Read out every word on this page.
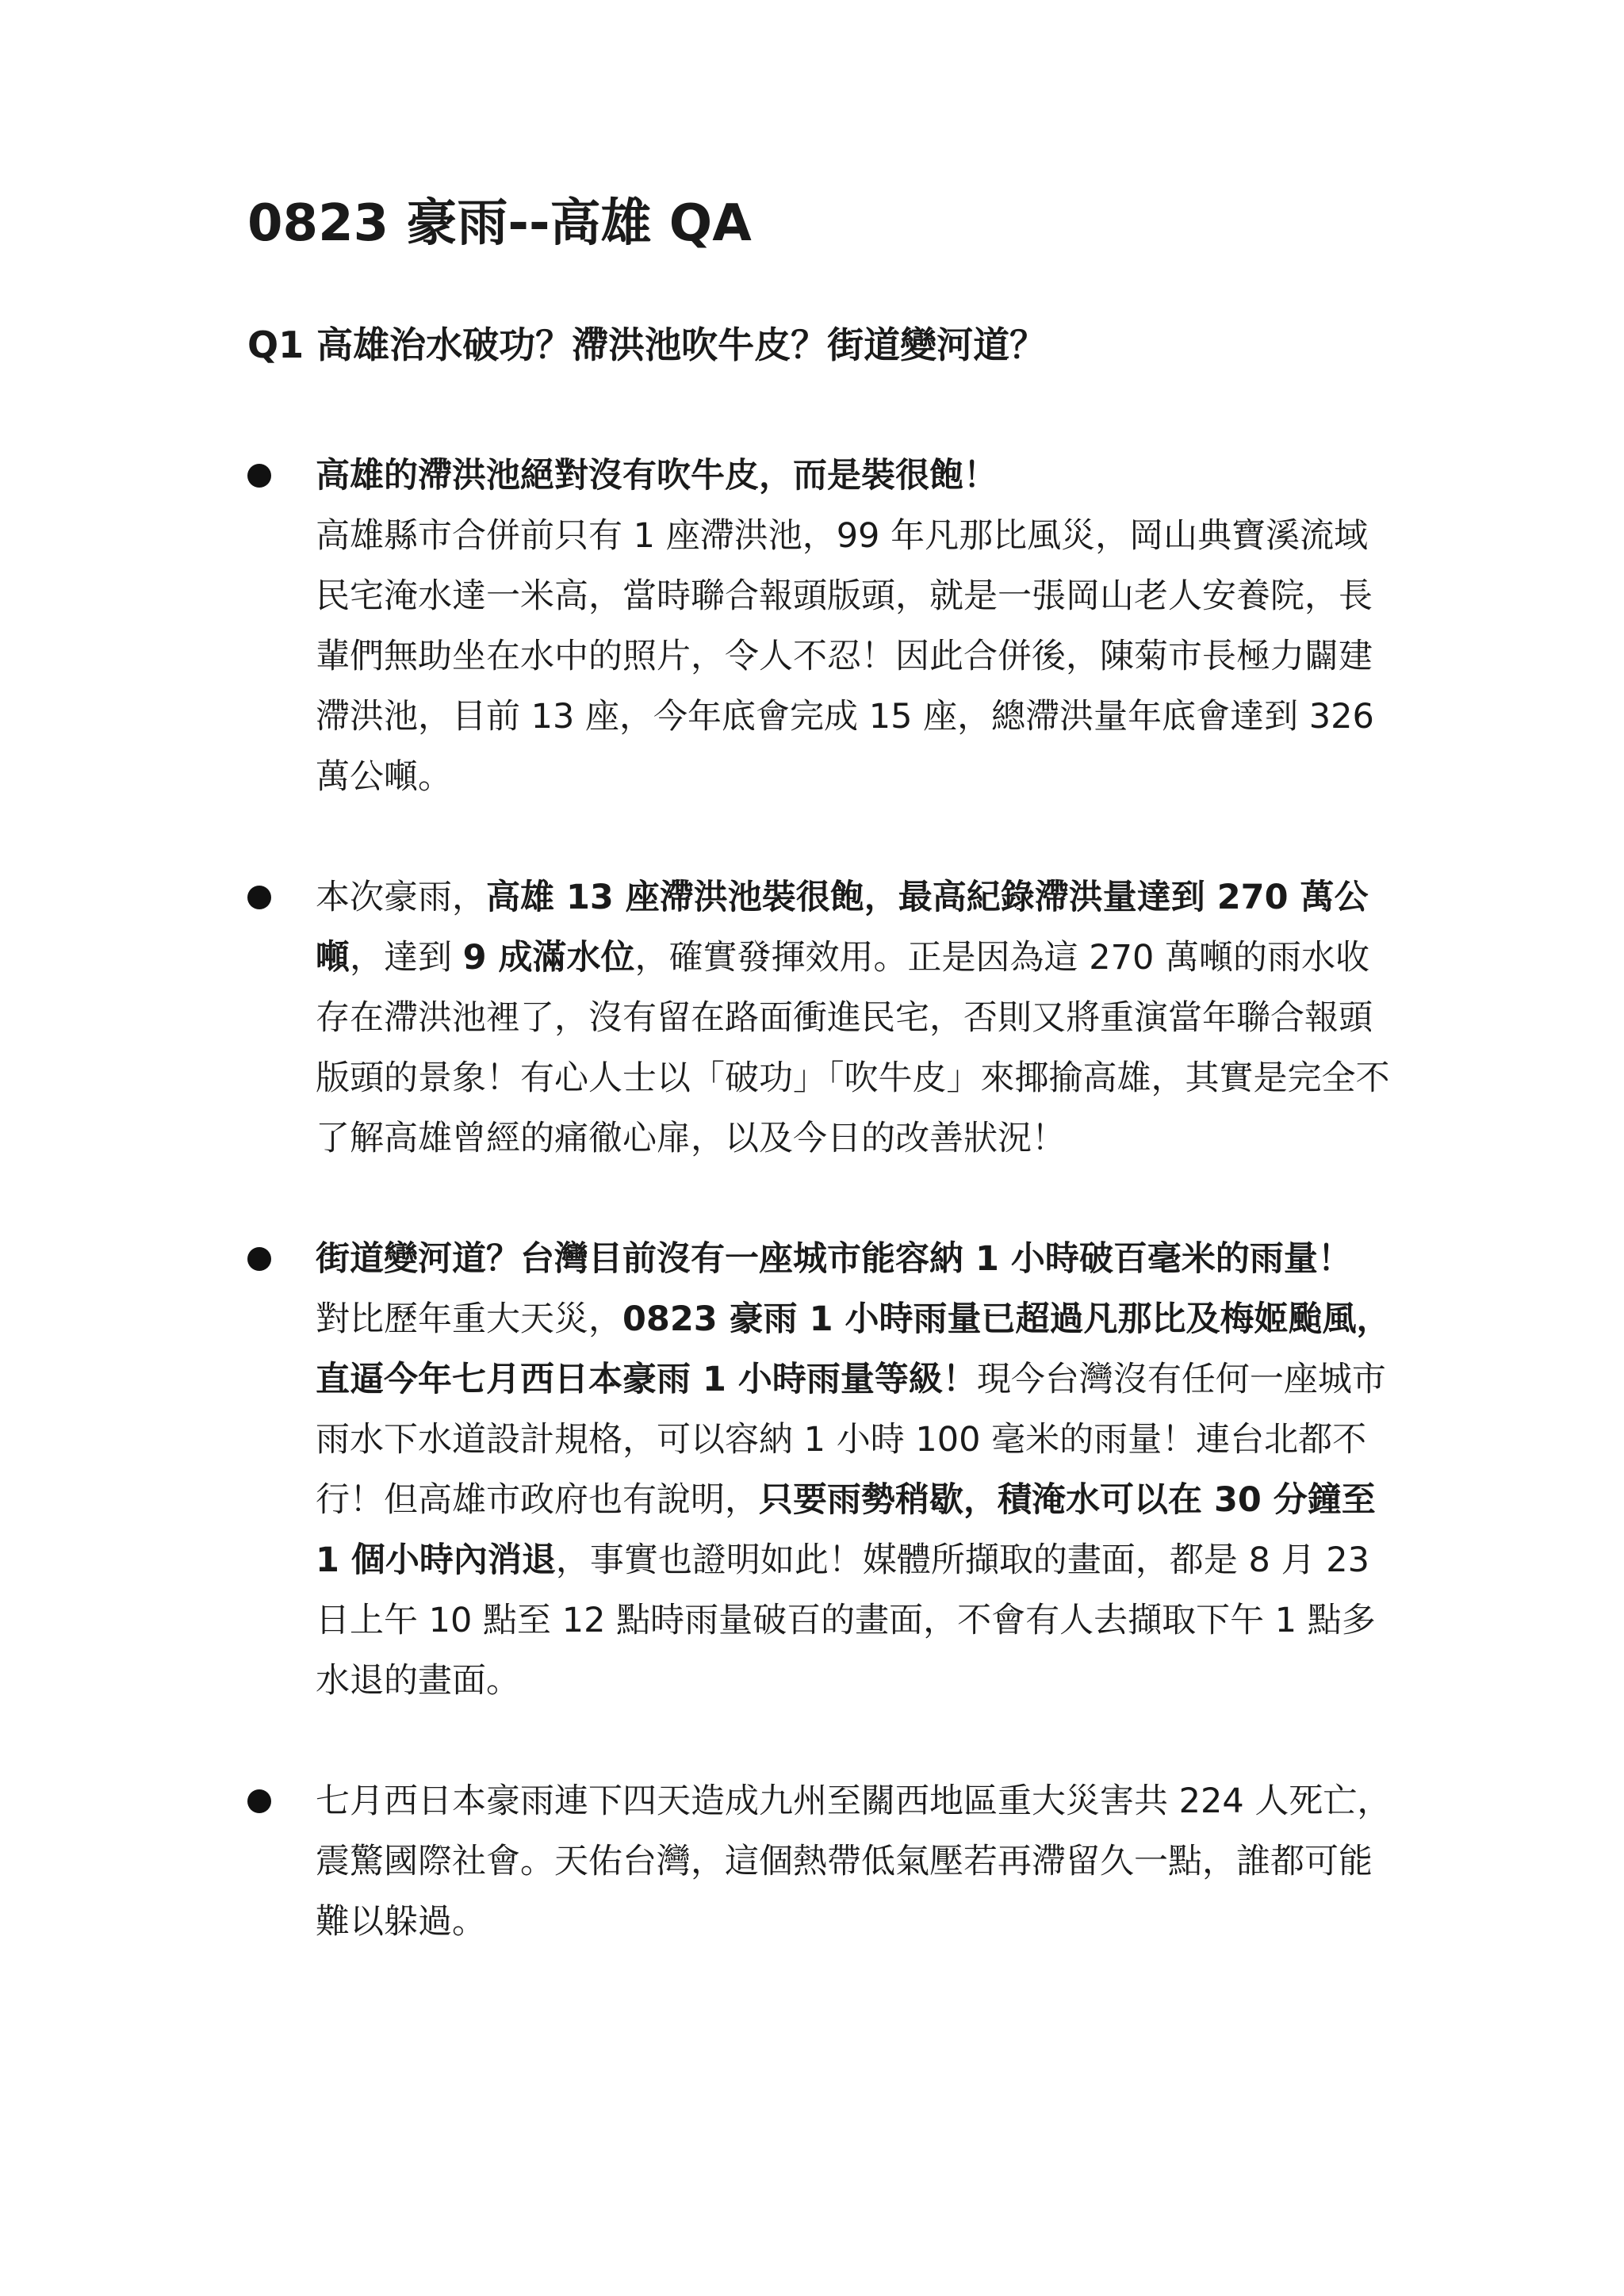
0823 豪雨--高雄 QA
Q1 高雄治水破功？滯洪池吹牛皮？街道變河道？
高雄的滯洪池絕對沒有吹牛皮，而是裝很飽！
高雄縣市合併前只有 1 座滯洪池，99 年凡那比風災，岡山典寶溪流域民宅淹水達一米高，當時聯合報頭版頭，就是一張岡山老人安養院，長輩們無助坐在水中的照片，令人不忍！因此合併後，陳菊市長極力闢建滯洪池，目前 13 座，今年底會完成 15 座，總滯洪量年底會達到 326 萬公噸。
本次豪雨，高雄 13 座滯洪池裝很飽，最高紀錄滯洪量達到 270 萬公噸，達到 9 成滿水位，確實發揮效用。正是因為這 270 萬噸的雨水收存在滯洪池裡了，沒有留在路面衝進民宅，否則又將重演當年聯合報頭版頭的景象！有心人士以「破功」「吹牛皮」來揶揄高雄，其實是完全不了解高雄曾經的痛徹心扉，以及今日的改善狀況！
街道變河道？台灣目前沒有一座城市能容納 1 小時破百毫米的雨量！
對比歷年重大天災，0823 豪雨 1 小時雨量已超過凡那比及梅姬颱風，直逼今年七月西日本豪雨 1 小時雨量等級！現今台灣沒有任何一座城市雨水下水道設計規格，可以容納 1 小時 100 毫米的雨量！連台北都不行！但高雄市政府也有說明，只要雨勢稍歇，積淹水可以在 30 分鐘至 1 個小時內消退，事實也證明如此！媒體所擷取的畫面，都是 8 月 23 日上午 10 點至 12 點時雨量破百的畫面，不會有人去擷取下午 1 點多水退的畫面。
七月西日本豪雨連下四天造成九州至關西地區重大災害共 224 人死亡，震驚國際社會。天佑台灣，這個熱帶低氣壓若再滯留久一點，誰都可能難以躲過。
